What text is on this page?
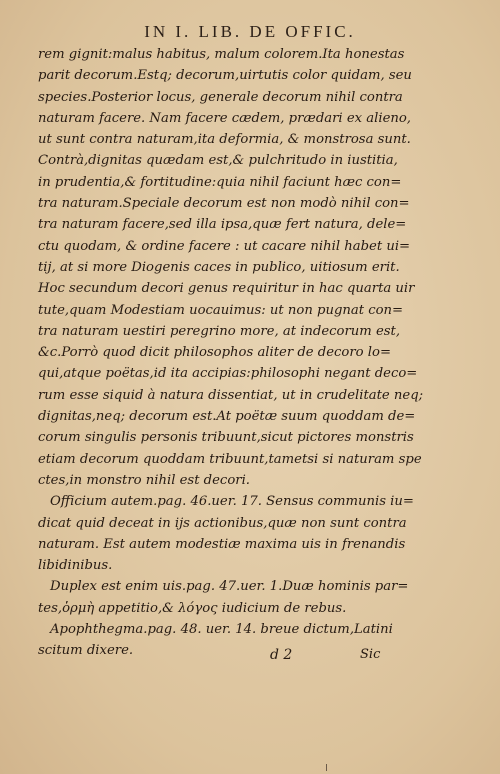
IN I. LIB. DE OFFIC.
rem gignit:malus habitus, malum colorem.Ita honestas
parit decorum.Estq; decorum,uirtutis color quidam, seu
species.Posterior locus, generale decorum nihil contra
naturam facere. Nam facere cædem, prædari ex alieno,
ut sunt contra naturam,ita deformia, & monstrosa sunt.
Contrà,dignitas quædam est,& pulchritudo in iustitia,
in prudentia,& fortitudine:quia nihil faciunt hæc con=
tra naturam.Speciale decorum est non modò nihil con=
tra naturam facere,sed illa ipsa,quæ fert natura, dele=
ctu quodam, & ordine facere : ut cacare nihil habet ui=
tij, at si more Diogenis caces in publico, uitiosum erit.
Hoc secundum decori genus requiritur in hac quarta uir
tute,quam Modestiam uocauimus: ut non pugnat con=
tra naturam uestiri peregrino more, at indecorum est,
&c.Porrò quod dicit philosophos aliter de decoro lo=
qui,atque poëtas,id ita accipias:philosophi negant deco=
rum esse siquid à natura dissentiat, ut in crudelitate neq;
dignitas,neq; decorum est.At poëtæ suum quoddam de=
corum singulis personis tribuunt,sicut pictores monstris
etiam decorum quoddam tribuunt,tametsi si naturam spe
ctes,in monstro nihil est decori.
Officium autem.pag. 46.uer. 17. Sensus communis iu=
dicat quid deceat in ijs actionibus,quæ non sunt contra
naturam. Est autem modestiæ maxima uis in frenandis
libidinibus.
Duplex est enim uis.pag. 47.uer. 1.Duæ hominis par=
tes,ὁρμὴ appetitio,& λόγος iudicium de rebus.
Apophthegma.pag. 48. uer. 14. breue dictum,Latini
scitum dixere.	d 2	Sic
